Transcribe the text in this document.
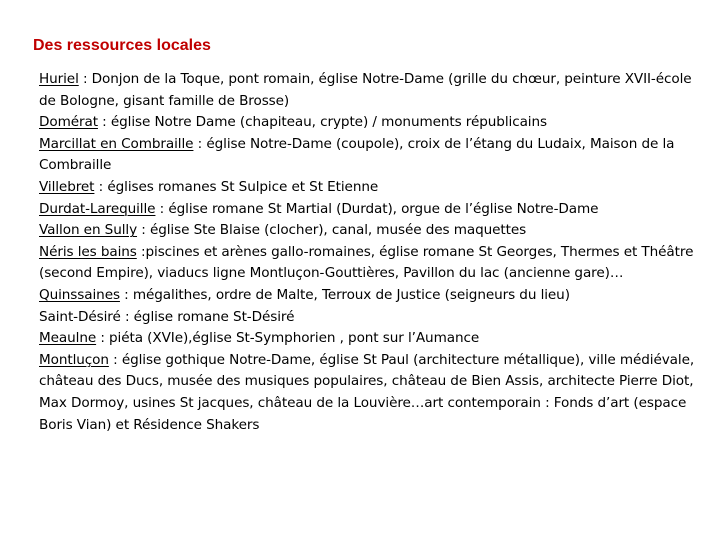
Des ressources locales

Huriel : Donjon de la Toque, pont romain, église Notre-Dame (grille du chœur, peinture XVII-école de Bologne, gisant famille de Brosse)

Domérat : église Notre Dame (chapiteau, crypte) / monuments républicains

Marcillat en Combraille : église Notre-Dame (coupole), croix de l’étang du Ludaix, Maison de la Combraille

Villebret : églises romanes St Sulpice et St Etienne

Durdat-Larequille : église romane St Martial (Durdat), orgue de l’église Notre-Dame

Vallon en Sully : église Ste Blaise (clocher), canal, musée des maquettes

Néris les bains :piscines et arènes gallo-romaines, église romane St Georges, Thermes et Théâtre (second Empire), viaducs ligne Montluçon-Gouttières, Pavillon du lac (ancienne gare)…

Quinssaines : mégalithes, ordre de Malte, Terroux de Justice (seigneurs du lieu)

Saint-Désiré : église romane St-Désiré

Meaulne : piéta (XVIe),église St-Symphorien , pont sur l’Aumance

Montluçon : église gothique Notre-Dame, église St Paul (architecture métallique), ville médiévale, château des Ducs, musée des musiques populaires, château de Bien Assis, architecte Pierre Diot, Max Dormoy, usines St jacques, château de la Louvière…art contemporain : Fonds d’art (espace Boris Vian) et Résidence Shakers
